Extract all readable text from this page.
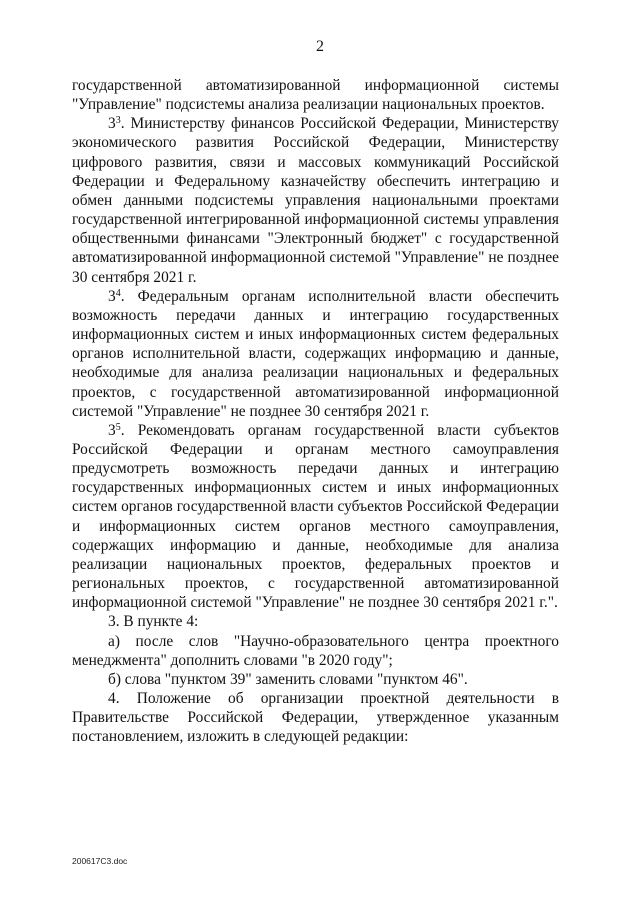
2

государственной автоматизированной информационной системы "Управление" подсистемы анализа реализации национальных проектов.

$3^3$. Министерству финансов Российской Федерации, Министерству экономического развития Российской Федерации, Министерству цифрового развития, связи и массовых коммуникаций Российской Федерации и Федеральному казначейству обеспечить интеграцию и обмен данными подсистемы управления национальными проектами государственной интегрированной информационной системы управления общественными финансами "Электронный бюджет" с государственной автоматизированной информационной системой "Управление" не позднее 30 сентября 2021 г.

$3^4$. Федеральным органам исполнительной власти обеспечить возможность передачи данных и интеграцию государственных информационных систем и иных информационных систем федеральных органов исполнительной власти, содержащих информацию и данные, необходимые для анализа реализации национальных и федеральных проектов, с государственной автоматизированной информационной системой "Управление" не позднее 30 сентября 2021 г.

$3^5$. Рекомендовать органам государственной власти субъектов Российской Федерации и органам местного самоуправления предусмотреть возможность передачи данных и интеграцию государственных информационных систем и иных информационных систем органов государственной власти субъектов Российской Федерации и информационных систем органов местного самоуправления, содержащих информацию и данные, необходимые для анализа реализации национальных проектов, федеральных проектов и региональных проектов, с государственной автоматизированной информационной системой "Управление" не позднее 30 сентября 2021 г.".

3. В пункте 4:

а) после слов "Научно-образовательного центра проектного менеджмента" дополнить словами "в 2020 году";

б) слова "пунктом 39" заменить словами "пунктом 46".

4. Положение об организации проектной деятельности в Правительстве Российской Федерации, утвержденное указанным постановлением, изложить в следующей редакции:

200617С3.doc
